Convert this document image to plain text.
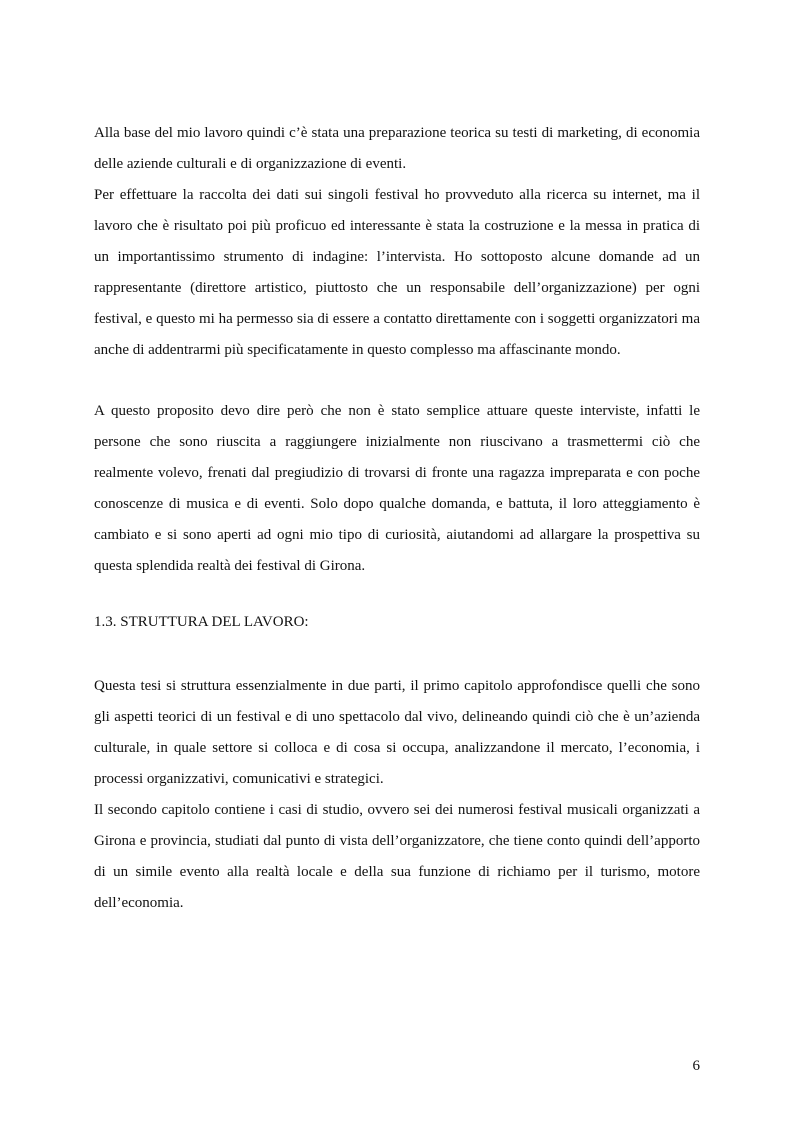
Alla base del mio lavoro quindi c’è stata una preparazione teorica su testi di marketing, di economia delle aziende culturali e di organizzazione di eventi.

Per effettuare la raccolta dei dati sui singoli festival ho provveduto alla ricerca su internet, ma il lavoro che è risultato poi più proficuo ed interessante è stata la costruzione e la messa in pratica di un importantissimo strumento di indagine: l’intervista. Ho sottoposto alcune domande ad un rappresentante (direttore artistico, piuttosto che un responsabile dell’organizzazione) per ogni festival, e questo mi ha permesso sia di essere a contatto direttamente con i soggetti organizzatori ma anche di addentrarmi più specificatamente in questo complesso ma affascinante mondo.

A questo proposito devo dire però che non è stato semplice attuare queste interviste, infatti le persone che sono riuscita a raggiungere inizialmente non riuscivano a trasmettermi ciò che realmente volevo, frenati dal pregiudizio di trovarsi di fronte una ragazza impreparata e con poche conoscenze di musica e di eventi. Solo dopo qualche domanda, e battuta, il loro atteggiamento è cambiato e si sono aperti ad ogni mio tipo di curiosità, aiutandomi ad allargare la prospettiva su questa splendida realtà dei festival di Girona.

1.3. STRUTTURA DEL LAVORO:

Questa tesi si struttura essenzialmente in due parti, il primo capitolo approfondisce quelli che sono gli aspetti teorici di un festival e di uno spettacolo dal vivo, delineando quindi ciò che è un’azienda culturale, in quale settore si colloca e di cosa si occupa, analizzandone il mercato, l’economia, i processi organizzativi, comunicativi e strategici.

Il secondo capitolo contiene i casi di studio, ovvero sei dei numerosi festival musicali organizzati a Girona e provincia, studiati dal punto di vista dell’organizzatore, che tiene conto quindi dell’apporto di un simile evento alla realtà locale e della sua funzione di richiamo per il turismo, motore dell’economia.

6
